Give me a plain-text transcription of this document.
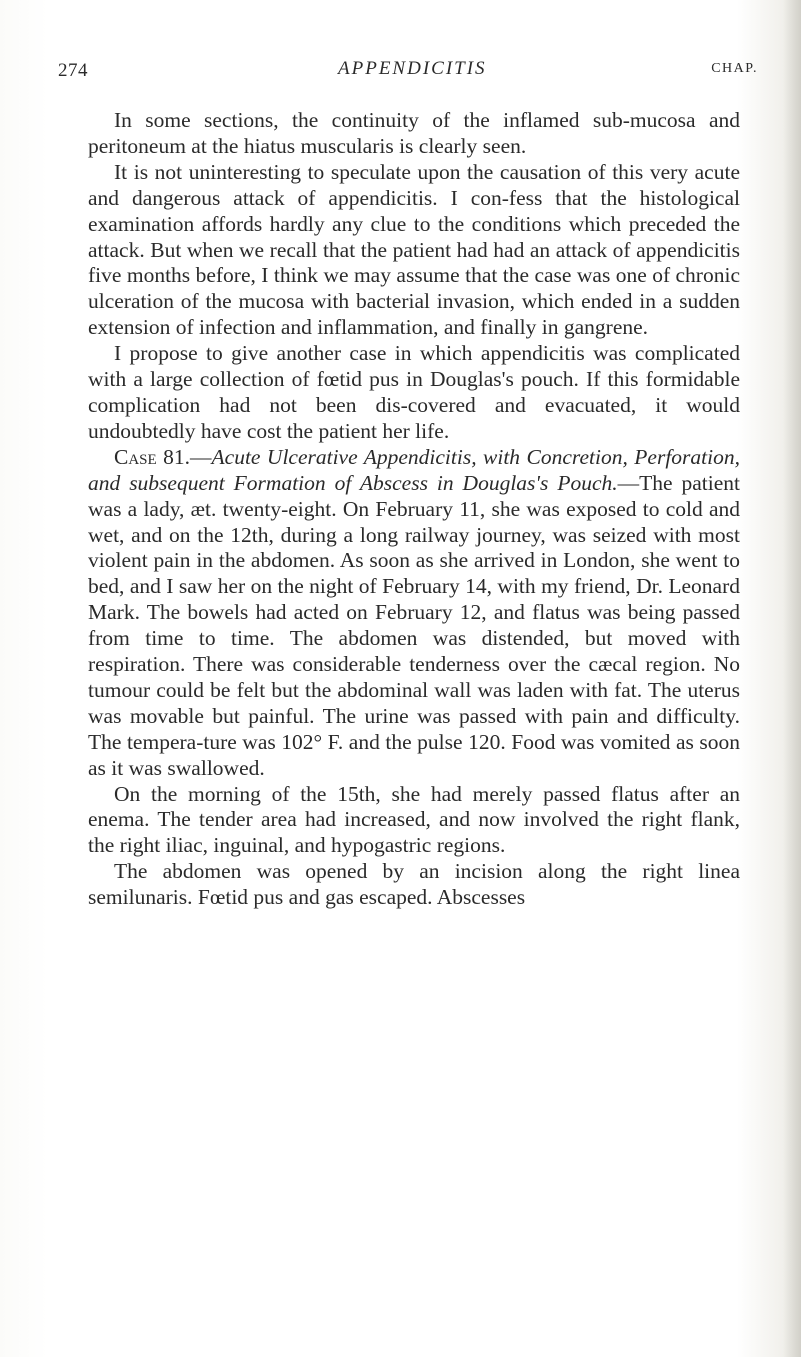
274	APPENDICITIS	CHAP.

In some sections, the continuity of the inflamed sub-mucosa and peritoneum at the hiatus muscularis is clearly seen.

It is not uninteresting to speculate upon the causation of this very acute and dangerous attack of appendicitis. I con-fess that the histological examination affords hardly any clue to the conditions which preceded the attack. But when we recall that the patient had had an attack of appendicitis five months before, I think we may assume that the case was one of chronic ulceration of the mucosa with bacterial invasion, which ended in a sudden extension of infection and inflammation, and finally in gangrene.

I propose to give another case in which appendicitis was complicated with a large collection of fœtid pus in Douglas's pouch. If this formidable complication had not been dis-covered and evacuated, it would undoubtedly have cost the patient her life.

Case 81.—Acute Ulcerative Appendicitis, with Concretion, Perforation, and subsequent Formation of Abscess in Douglas's Pouch.—The patient was a lady, æt. twenty-eight. On February 11, she was exposed to cold and wet, and on the 12th, during a long railway journey, was seized with most violent pain in the abdomen. As soon as she arrived in London, she went to bed, and I saw her on the night of February 14, with my friend, Dr. Leonard Mark. The bowels had acted on February 12, and flatus was being passed from time to time. The abdomen was distended, but moved with respiration. There was considerable tenderness over the cæcal region. No tumour could be felt but the abdominal wall was laden with fat. The uterus was movable but painful. The urine was passed with pain and difficulty. The tempera-ture was 102° F. and the pulse 120. Food was vomited as soon as it was swallowed.

On the morning of the 15th, she had merely passed flatus after an enema. The tender area had increased, and now involved the right flank, the right iliac, inguinal, and hypogastric regions.

The abdomen was opened by an incision along the right linea semilunaris. Fœtid pus and gas escaped. Abscesses
